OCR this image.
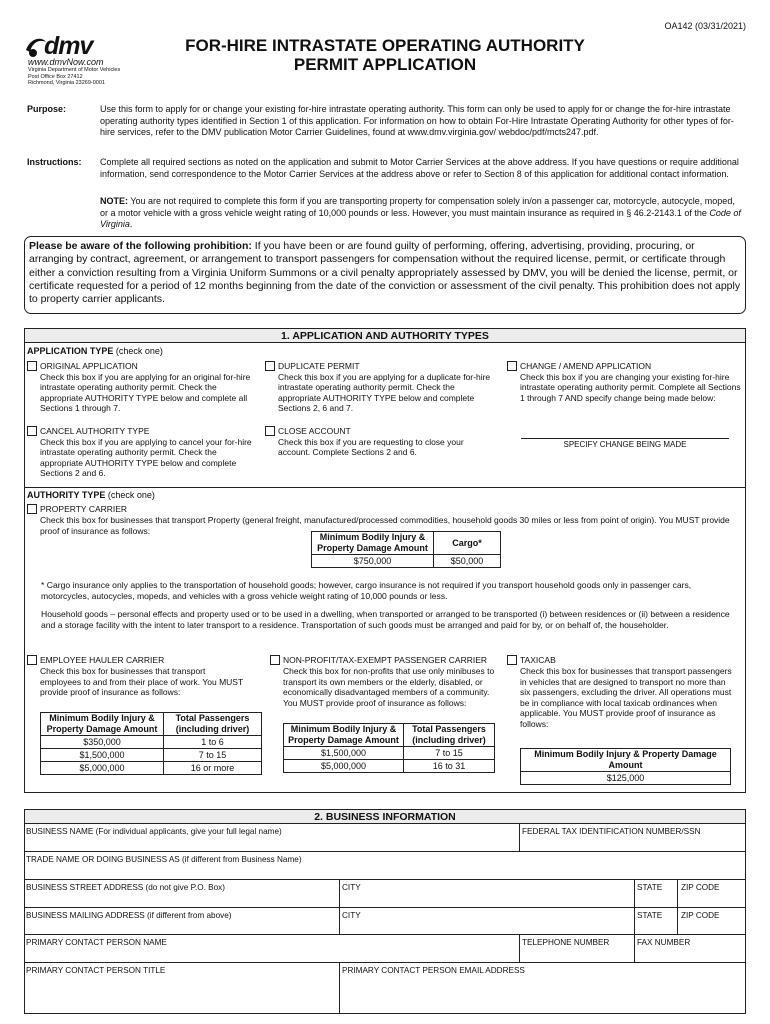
OA142 (03/31/2021)
dmv
www.dmvNow.com
Virginia Department of Motor Vehicles
Post Office Box 27412
Richmond, Virginia 23269-0001
FOR-HIRE INTRASTATE OPERATING AUTHORITY
PERMIT APPLICATION
Purpose:	Use this form to apply for or change your existing for-hire intrastate operating authority. This form can only be used to apply for or change the for-hire intrastate operating authority types identified in Section 1 of this application. For information on how to obtain For-Hire Intrastate Operating Authority for other types of for-hire services, refer to the DMV publication Motor Carrier Guidelines, found at www.dmv.virginia.gov/ webdoc/pdf/mcts247.pdf.
Instructions: Complete all required sections as noted on the application and submit to Motor Carrier Services at the above address. If you have questions or require additional information, send correspondence to the Motor Carrier Services at the address above or refer to Section 8 of this application for additional contact information.
NOTE: You are not required to complete this form if you are transporting property for compensation solely in/on a passenger car, motorcycle, autocycle, moped, or a motor vehicle with a gross vehicle weight rating of 10,000 pounds or less. However, you must maintain insurance as required in § 46.2-2143.1 of the Code of Virginia.
Please be aware of the following prohibition: If you have been or are found guilty of performing, offering, advertising, providing, procuring, or arranging by contract, agreement, or arrangement to transport passengers for compensation without the required license, permit, or certificate through either a conviction resulting from a Virginia Uniform Summons or a civil penalty appropriately assessed by DMV, you will be denied the license, permit, or certificate requested for a period of 12 months beginning from the date of the conviction or assessment of the civil penalty. This prohibition does not apply to property carrier applicants.
1. APPLICATION AND AUTHORITY TYPES
APPLICATION TYPE (check one)
ORIGINAL APPLICATION
Check this box if you are applying for an original for-hire intrastate operating authority permit. Check the appropriate AUTHORITY TYPE below and complete all Sections 1 through 7.
DUPLICATE PERMIT
Check this box if you are applying for a duplicate for-hire intrastate operating authority permit. Check the appropriate AUTHORITY TYPE below and complete Sections 2, 6 and 7.
CHANGE / AMEND APPLICATION
Check this box if you are changing your existing for-hire intrastate operating authority permit. Complete all Sections 1 through 7 AND specify change being made below:
CANCEL AUTHORITY TYPE
Check this box if you are applying to cancel your for-hire intrastate operating authority permit. Check the appropriate AUTHORITY TYPE below and complete Sections 2 and 6.
CLOSE ACCOUNT
Check this box if you are requesting to close your account. Complete Sections 2 and 6.
SPECIFY CHANGE BEING MADE
AUTHORITY TYPE (check one)
PROPERTY CARRIER
Check this box for businesses that transport Property (general freight, manufactured/processed commodities, household goods 30 miles or less from point of origin). You MUST provide proof of insurance as follows:
Minimum Bodily Injury & Property Damage Amount	Cargo*
$750,000	$50,000
* Cargo insurance only applies to the transportation of household goods; however, cargo insurance is not required if you transport household goods only in passenger cars, motorcycles, autocycles, mopeds, and vehicles with a gross vehicle weight rating of 10,000 pounds or less.
Household goods – personal effects and property used or to be used in a dwelling, when transported or arranged to be transported (i) between residences or (ii) between a residence and a storage facility with the intent to later transport to a residence. Transportation of such goods must be arranged and paid for by, or on behalf of, the householder.
EMPLOYEE HAULER CARRIER
Check this box for businesses that transport employees to and from their place of work. You MUST provide proof of insurance as follows:
Minimum Bodily Injury & Property Damage Amount	Total Passengers (including driver)
$350,000	1 to 6
$1,500,000	7 to 15
$5,000,000	16 or more
NON-PROFIT/TAX-EXEMPT PASSENGER CARRIER
Check this box for non-profits that use only minibuses to transport its own members or the elderly, disabled, or economically disadvantaged members of a community. You MUST provide proof of insurance as follows:
Minimum Bodily Injury & Property Damage Amount	Total Passengers (including driver)
$1,500,000	7 to 15
$5,000,000	16 to 31
TAXICAB
Check this box for businesses that transport passengers in vehicles that are designed to transport no more than six passengers, excluding the driver. All operations must be in compliance with local taxicab ordinances when applicable. You MUST provide proof of insurance as follows:
Minimum Bodily Injury & Property Damage Amount
$125,000
2. BUSINESS INFORMATION
BUSINESS NAME (For individual applicants, give your full legal name)	FEDERAL TAX IDENTIFICATION NUMBER/SSN
TRADE NAME OR DOING BUSINESS AS (if different from Business Name)
BUSINESS STREET ADDRESS (do not give P.O. Box)	CITY	STATE ZIP CODE
BUSINESS MAILING ADDRESS (if different from above)	CITY	STATE ZIP CODE
PRIMARY CONTACT PERSON NAME	TELEPHONE NUMBER	FAX NUMBER
PRIMARY CONTACT PERSON TITLE	PRIMARY CONTACT PERSON EMAIL ADDRESS
